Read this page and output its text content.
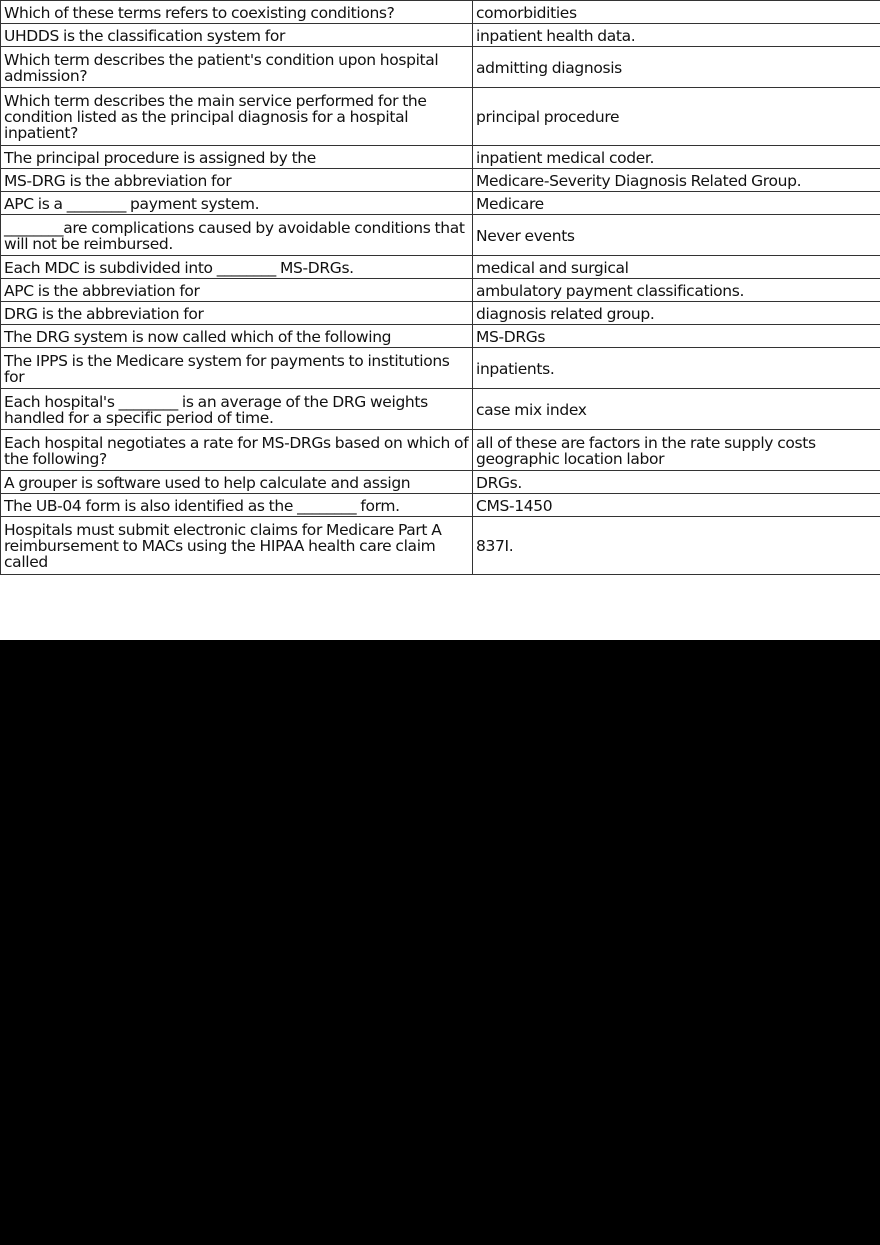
Which of these terms refers to coexisting conditions?	comorbidities
UHDDS is the classification system for	inpatient health data.
Which term describes the patient's condition upon hospital admission?	admitting diagnosis
Which term describes the main service performed for the condition listed as the principal diagnosis for a hospital inpatient?	principal procedure
The principal procedure is assigned by the	inpatient medical coder.
MS-DRG is the abbreviation for	Medicare-Severity Diagnosis Related Group.
APC is a ________ payment system.	Medicare
________are complications caused by avoidable conditions that will not be reimbursed.	Never events
Each MDC is subdivided into ________ MS-DRGs.	medical and surgical
APC is the abbreviation for	ambulatory payment classifications.
DRG is the abbreviation for	diagnosis related group.
The DRG system is now called which of the following	MS-DRGs
The IPPS is the Medicare system for payments to institutions for	inpatients.
Each hospital's ________ is an average of the DRG weights handled for a specific period of time.	case mix index
Each hospital negotiates a rate for MS-DRGs based on which of the following?	all of these are factors in the rate supply costs geographic location labor
A grouper is software used to help calculate and assign	DRGs.
The UB-04 form is also identified as the ________ form.	CMS-1450
Hospitals must submit electronic claims for Medicare Part A reimbursement to MACs using the HIPAA health care claim called	837I.
